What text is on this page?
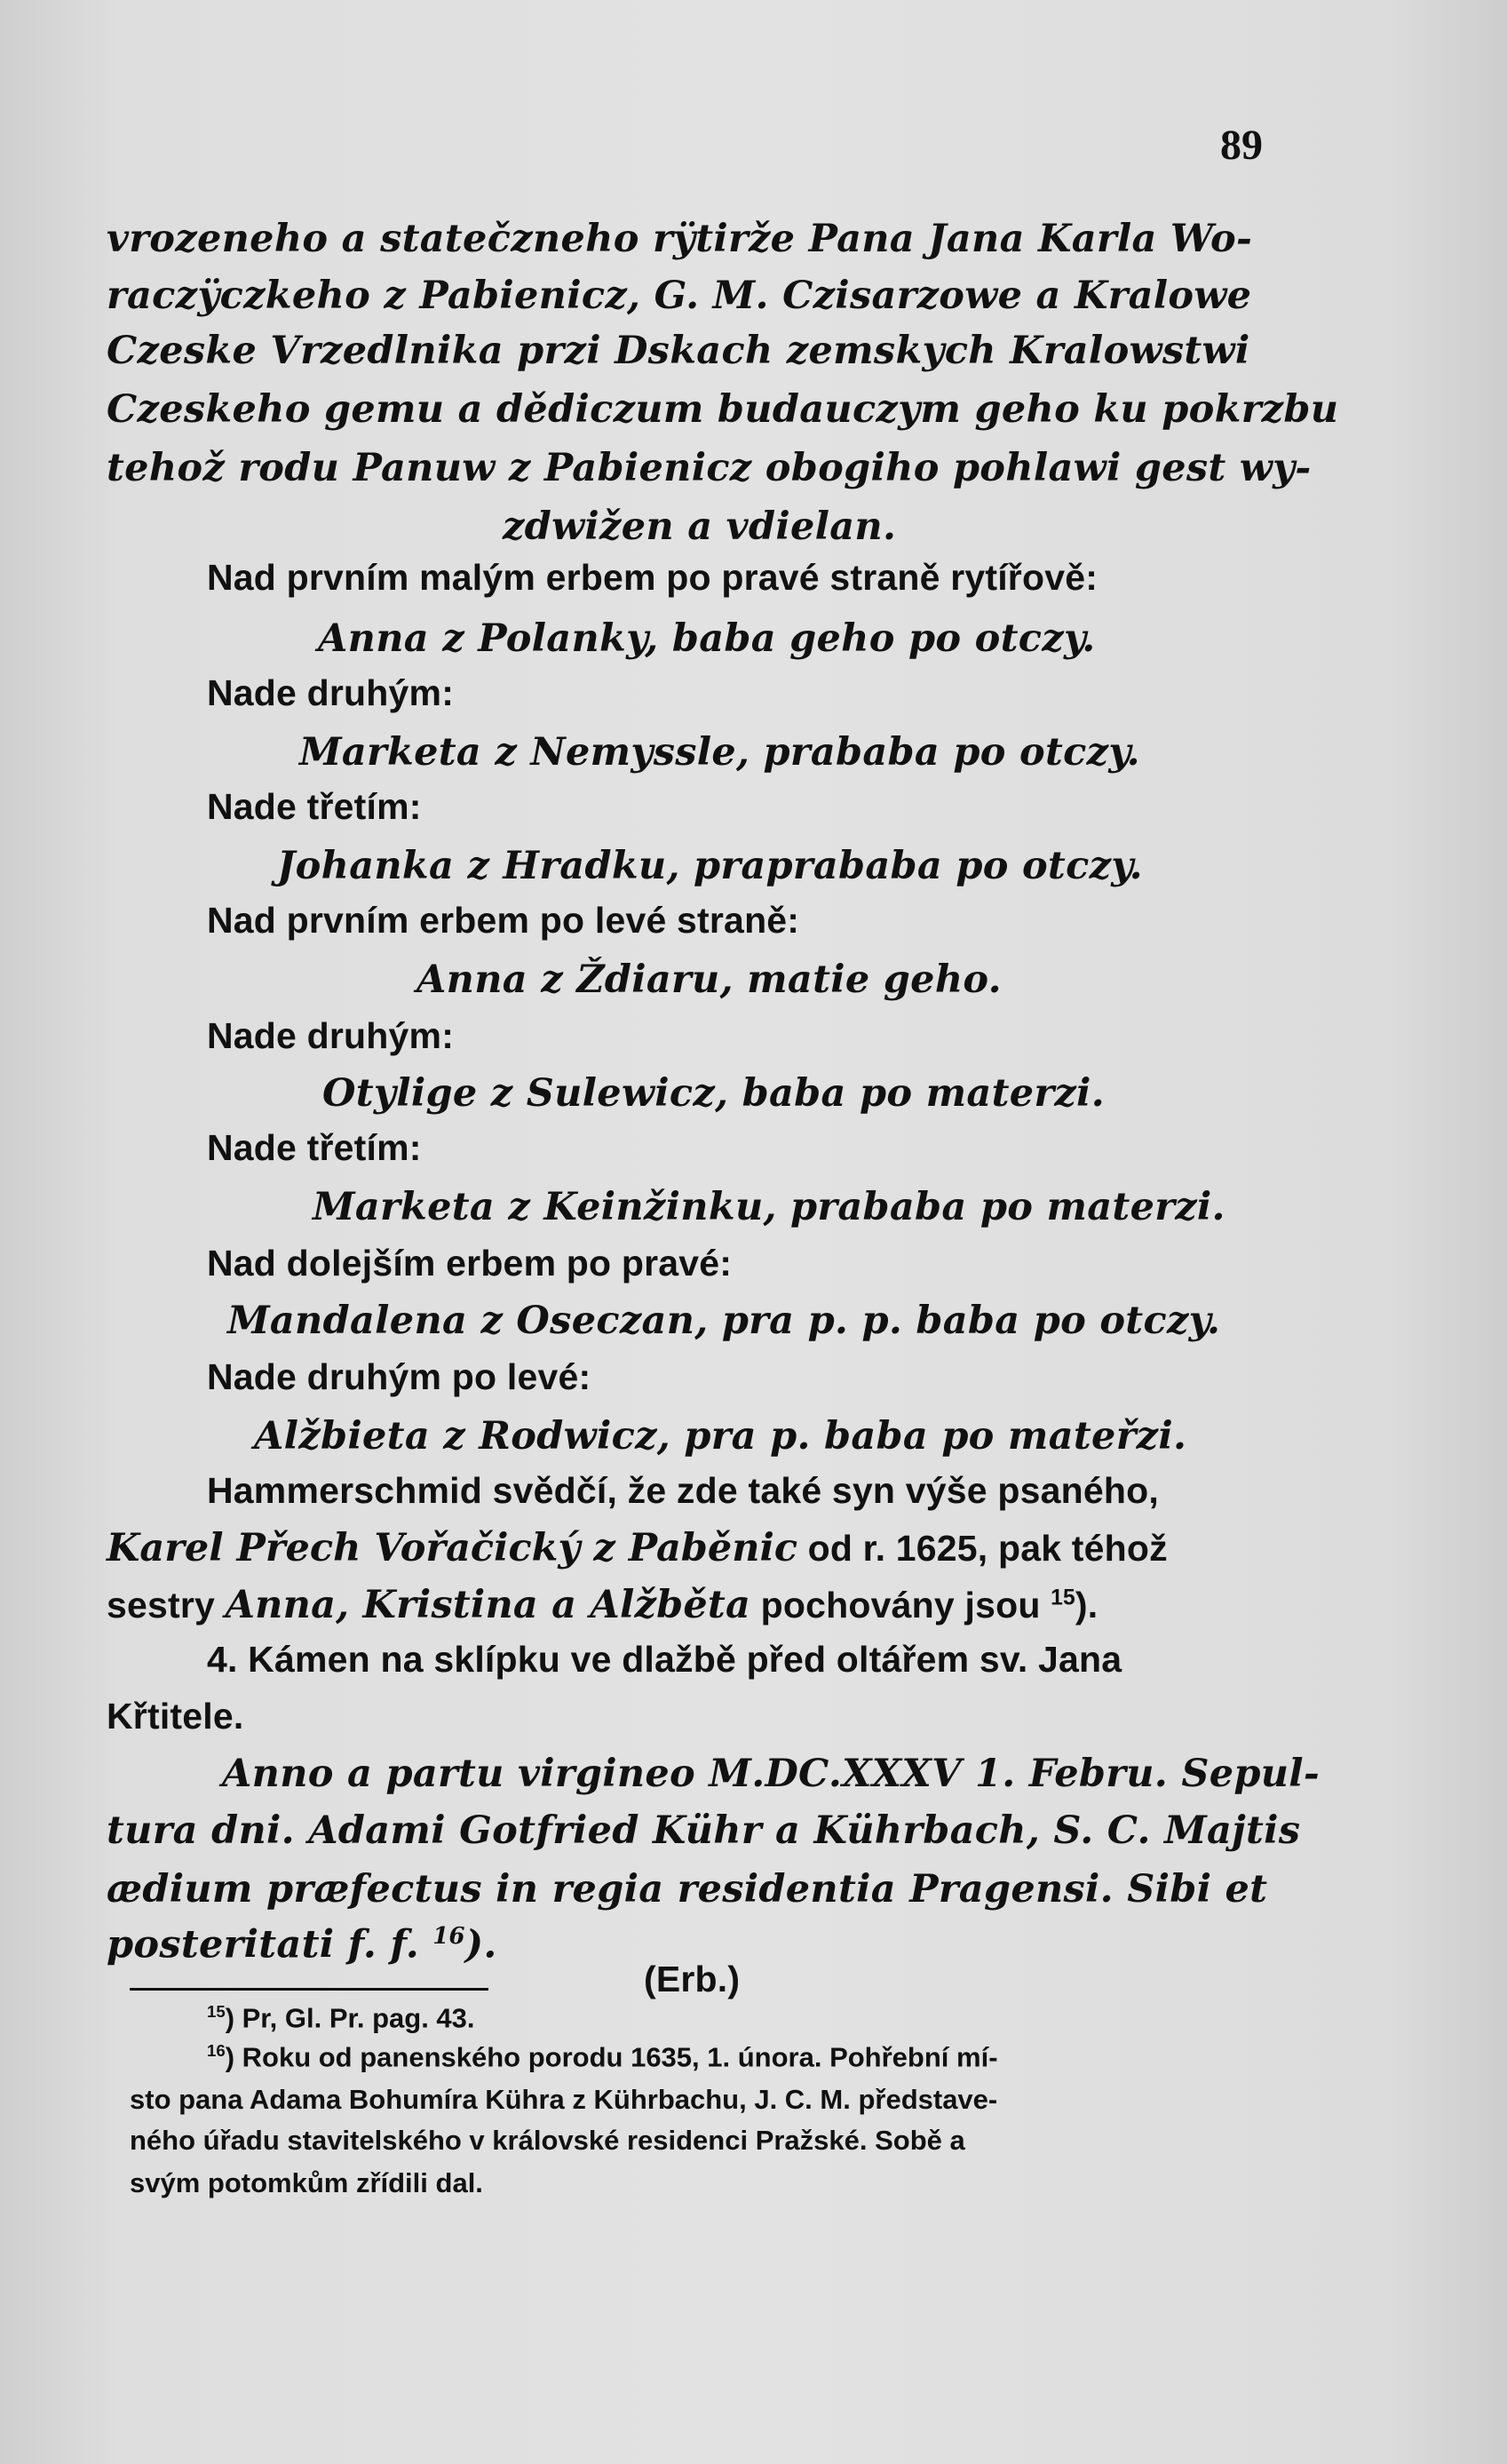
89
vrozeneho a statečzneho rÿtirže Pana Jana Karla Wo-
raczÿczkeho z Pabienicz, G. M. Czisarzowe a Kralowe
Czeske Vrzedlnika przi Dskach zemskych Kralowstwi
Czeskeho gemu a dědiczum budauczym geho ku pokrzbu
tehož rodu Panuw z Pabienicz obogiho pohlawi gest wy-
zdwižen a vdielan.
Nad prvním malým erbem po pravé straně rytířově:
Anna z Polanky, baba geho po otczy.
Nade druhým:
Marketa z Nemyssle, prababa po otczy.
Nade třetím:
Johanka z Hradku, praprababa po otczy.
Nad prvním erbem po levé straně:
Anna z Ždiaru, matie geho.
Nade druhým:
Otylige z Sulewicz, baba po materzi.
Nade třetím:
Marketa z Keinžinku, prababa po materzi.
Nad dolejším erbem po pravé:
Mandalena z Oseczan, pra p. p. baba po otczy.
Nade druhým po levé:
Alžbieta z Rodwicz, pra p. baba po mateřzi.
Hammerschmid svědčí, že zde také syn výše psaného,
Karel Přech Vořačický z Paběnic od r. 1625, pak téhož
sestry Anna, Kristina a Alžběta pochovány jsou $^{15}$).
4. Kámen na sklípku ve dlažbě před oltářem sv. Jana
Křtitele.
Anno a partu virgineo M.DC.XXXV 1. Febru. Sepul-
tura dni. Adami Gotfried Kühr a Kührbach, S. C. Majtis
ædium præfectus in regia residentia Pragensi. Sibi et
posteritati f. f. $^{16}$).
(Erb.)
$^{15}$) Pr, Gl. Pr. pag. 43.
$^{16}$) Roku od panenského porodu 1635, 1. února. Pohřební mí-
sto pana Adama Bohumíra Kühra z Kührbachu, J. C. M. představe-
ného úřadu stavitelského v královské residenci Pražské. Sobě a
svým potomkům zřídili dal.
